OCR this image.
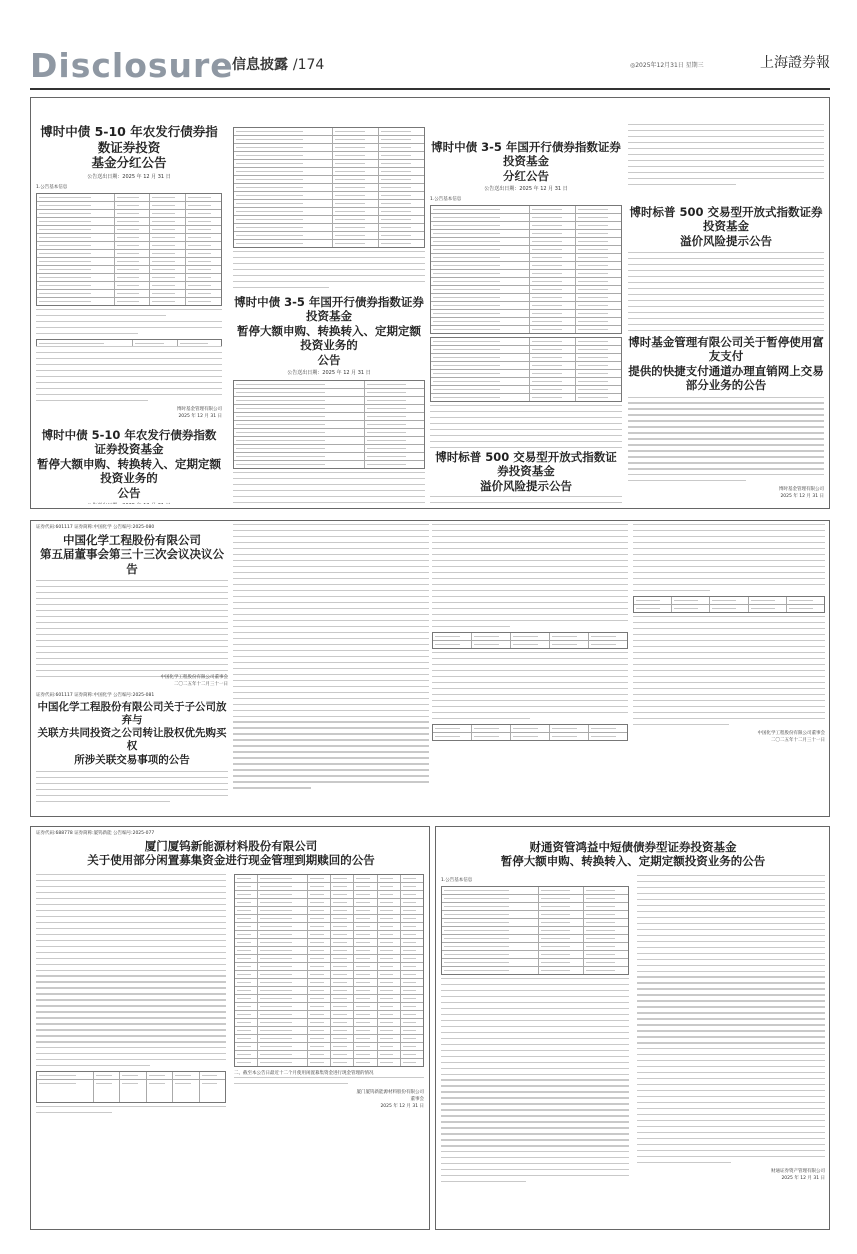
Disclosure
信息披露 /174	◎2025年12月31日 星期三	上海證券報
博时中债 5-10 年农发行债券指数证券投资
基金分红公告
公告送出日期：2025 年 12 月 31 日
1.公告基本信息
博时基金管理有限公司
2025 年 12 月 31 日
博时中债 5-10 年农发行债券指数证券投资基金
暂停大额申购、转换转入、定期定额投资业务的
公告
博时中债 3-5 年国开行债券指数证券投资基金
暂停大额申购、转换转入、定期定额投资业务的
公告
公告送出日期：2025 年 12 月 31 日
博时中债 3-5 年国开行债券指数证券投资基金
分红公告
公告送出日期：2025 年 12 月 31 日
1.公告基本信息
博时标普 500 交易型开放式指数证券投资基金
溢价风险提示公告
博时标普 500 交易型开放式指数证券投资基金
溢价风险提示公告
博时基金管理有限公司关于暂停使用富友支付
提供的快捷支付通道办理直销网上交易
部分业务的公告
博时基金管理有限公司
2025 年 12 月 31 日
证券代码:601117 证券简称:中国化学 公告编号:2025-080
中国化学工程股份有限公司
第五届董事会第三十三次会议决议公告
中国化学工程股份有限公司董事会
二〇二五年十二月三十一日
证券代码:601117 证券简称:中国化学 公告编号:2025-081
中国化学工程股份有限公司关于子公司放弃与
关联方共同投资之公司转让股权优先购买权
所涉关联交易事项的公告
中国化学工程股份有限公司董事会
二〇二五年十二月三十一日
证券代码:688778 证券简称:厦钨新能 公告编号:2025-077
厦门厦钨新能源材料股份有限公司
关于使用部分闲置募集资金进行现金管理到期赎回的公告
二、截至本公告日最近十二个月使用闲置募集资金进行现金管理的情况
厦门厦钨新能源材料股份有限公司
董事会
2025 年 12 月 31 日
财通资管鸿益中短债债券型证券投资基金
暂停大额申购、转换转入、定期定额投资业务的公告
1.公告基本信息
财通证券资产管理有限公司
2025 年 12 月 31 日
